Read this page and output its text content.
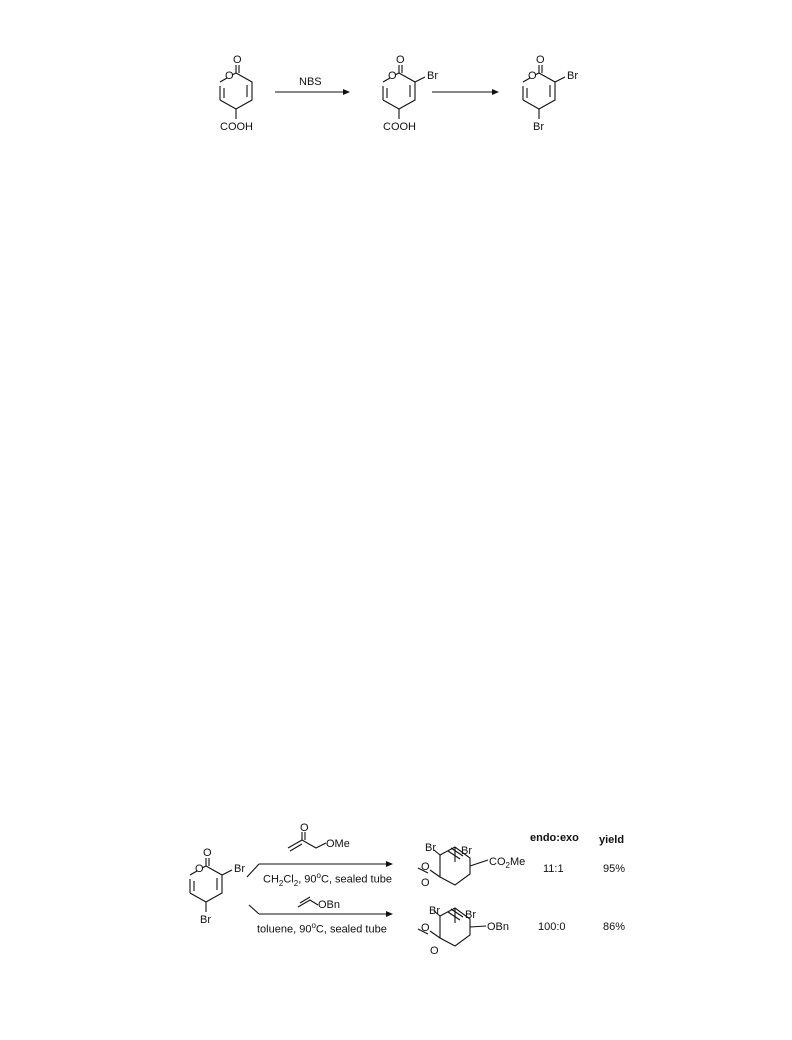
O
O
COOH
NBS
O
O	Br
COOH
O
O	Br
Br
O
O	Br
Br
O
OMe
$CH_2Cl_2$, 90$^o$C, sealed tube
OBn
toluene, 90$^o$C, sealed tube
Br Br
O
O
$CO_2Me$
Br Br
O
O
OBn
endo:exo yield
11:1	95%
100:0	86%
